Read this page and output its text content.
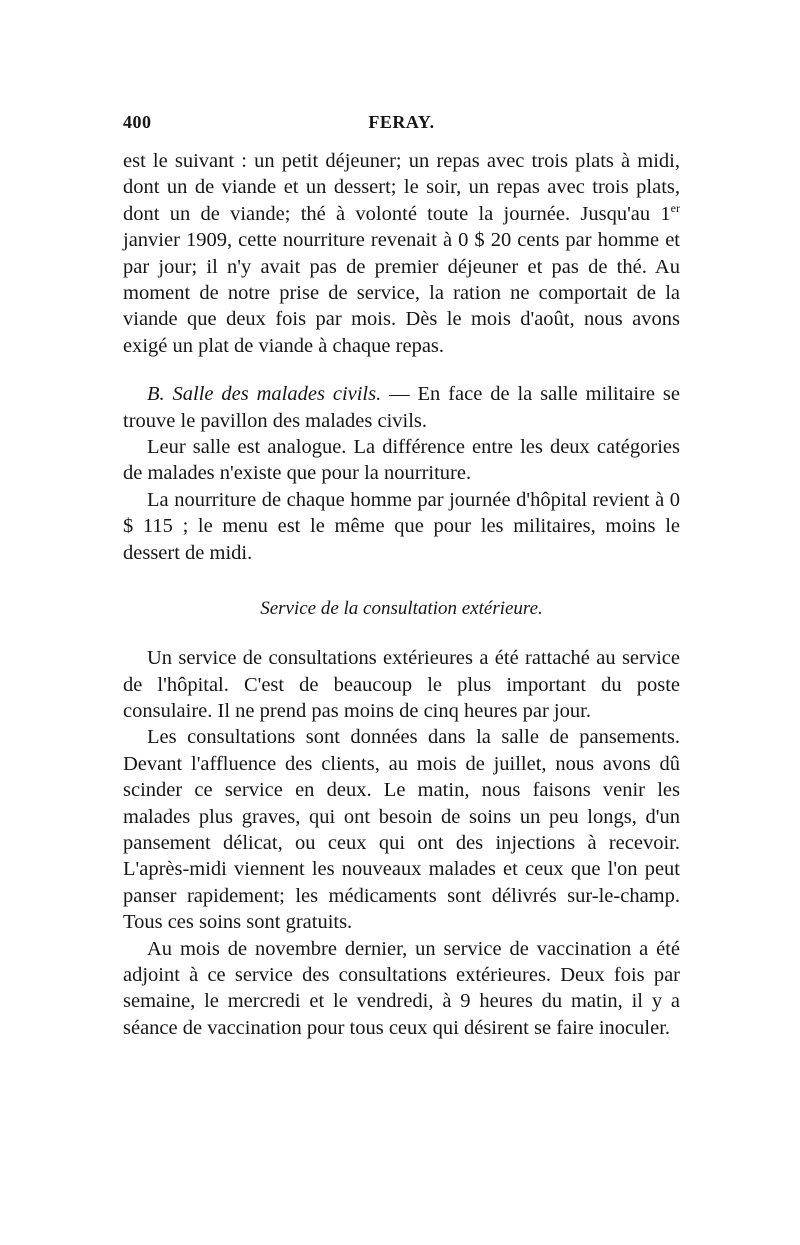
400	FERAY.

est le suivant : un petit déjeuner; un repas avec trois plats à midi, dont un de viande et un dessert; le soir, un repas avec trois plats, dont un de viande; thé à volonté toute la journée. Jusqu'au 1er janvier 1909, cette nourriture revenait à 0 $ 20 cents par homme et par jour; il n'y avait pas de premier déjeuner et pas de thé. Au moment de notre prise de service, la ration ne comportait de la viande que deux fois par mois. Dès le mois d'août, nous avons exigé un plat de viande à chaque repas.

B. Salle des malades civils. — En face de la salle militaire se trouve le pavillon des malades civils.

Leur salle est analogue. La différence entre les deux catégories de malades n'existe que pour la nourriture.

La nourriture de chaque homme par journée d'hôpital revient à 0 $ 115 ; le menu est le même que pour les militaires, moins le dessert de midi.

Service de la consultation extérieure.

Un service de consultations extérieures a été rattaché au service de l'hôpital. C'est de beaucoup le plus important du poste consulaire. Il ne prend pas moins de cinq heures par jour.

Les consultations sont données dans la salle de pansements. Devant l'affluence des clients, au mois de juillet, nous avons dû scinder ce service en deux. Le matin, nous faisons venir les malades plus graves, qui ont besoin de soins un peu longs, d'un pansement délicat, ou ceux qui ont des injections à recevoir. L'après-midi viennent les nouveaux malades et ceux que l'on peut panser rapidement; les médicaments sont délivrés sur-le-champ. Tous ces soins sont gratuits.

Au mois de novembre dernier, un service de vaccination a été adjoint à ce service des consultations extérieures. Deux fois par semaine, le mercredi et le vendredi, à 9 heures du matin, il y a séance de vaccination pour tous ceux qui désirent se faire inoculer.
